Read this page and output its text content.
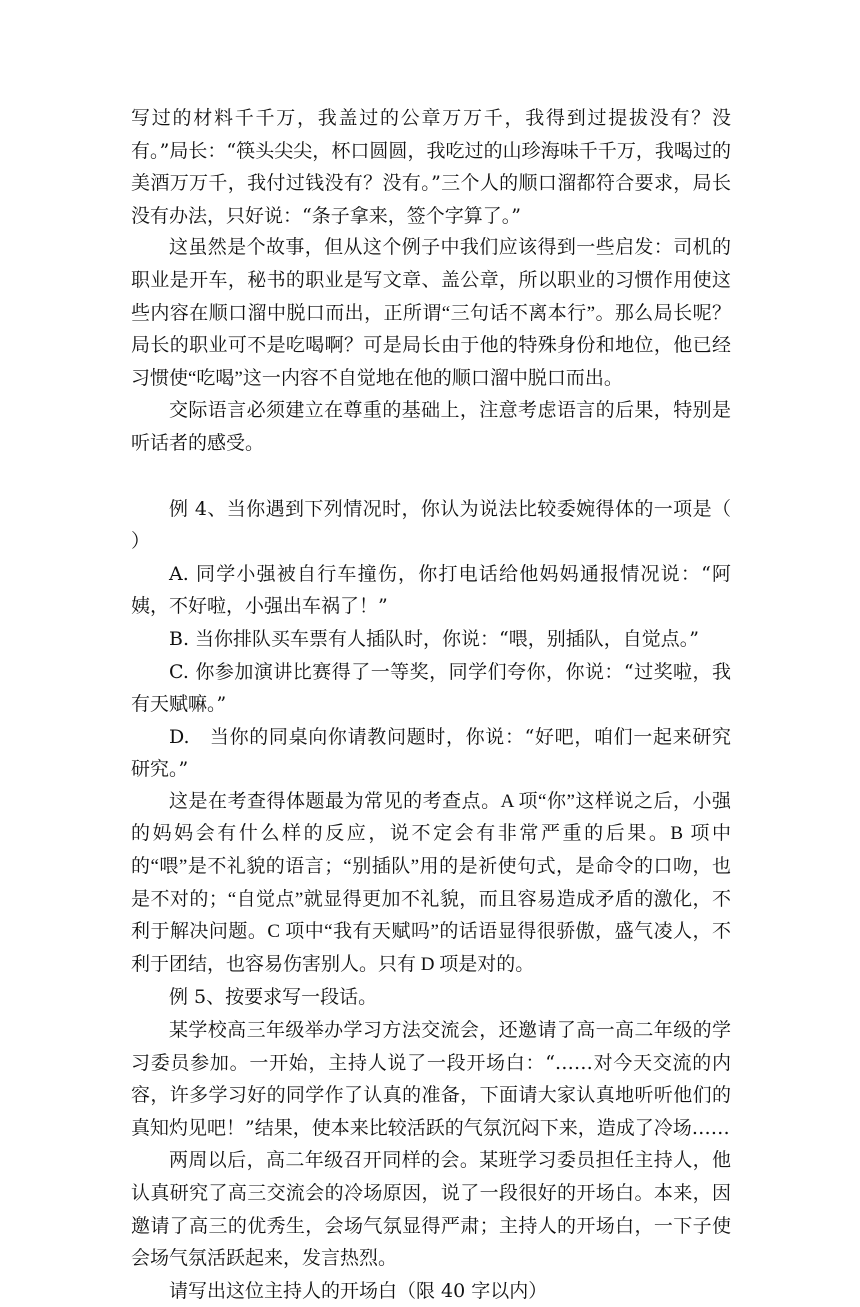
写过的材料千千万，我盖过的公章万万千，我得到过提拔没有？没有。”局长：“筷头尖尖，杯口圆圆，我吃过的山珍海味千千万，我喝过的美酒万万千，我付过钱没有？没有。”三个人的顺口溜都符合要求，局长没有办法，只好说：“条子拿来，签个字算了。”

这虽然是个故事，但从这个例子中我们应该得到一些启发：司机的职业是开车，秘书的职业是写文章、盖公章，所以职业的习惯作用使这些内容在顺口溜中脱口而出，正所谓“三句话不离本行”。那么局长呢？局长的职业可不是吃喝啊？可是局长由于他的特殊身份和地位，他已经习惯使“吃喝”这一内容不自觉地在他的顺口溜中脱口而出。

交际语言必须建立在尊重的基础上，注意考虑语言的后果，特别是听话者的感受。

例 4、当你遇到下列情况时，你认为说法比较委婉得体的一项是（　　）

A. 同学小强被自行车撞伤，你打电话给他妈妈通报情况说：“阿姨，不好啦，小强出车祸了！”

B. 当你排队买车票有人插队时，你说：“喂，别插队，自觉点。”

C. 你参加演讲比赛得了一等奖，同学们夸你，你说：“过奖啦，我有天赋嘛。”

D.　当你的同桌向你请教问题时，你说：“好吧，咱们一起来研究研究。”

这是在考查得体题最为常见的考查点。A 项“你”这样说之后，小强的妈妈会有什么样的反应，说不定会有非常严重的后果。B 项中的“喂”是不礼貌的语言；“别插队”用的是祈使句式，是命令的口吻，也是不对的；“自觉点”就显得更加不礼貌，而且容易造成矛盾的激化，不利于解决问题。C 项中“我有天赋吗”的话语显得很骄傲，盛气凌人，不利于团结，也容易伤害别人。只有 D 项是对的。

例 5、按要求写一段话。

某学校高三年级举办学习方法交流会，还邀请了高一高二年级的学习委员参加。一开始，主持人说了一段开场白：“……对今天交流的内容，许多学习好的同学作了认真的准备，下面请大家认真地听听他们的真知灼见吧！”结果，使本来比较活跃的气氛沉闷下来，造成了冷场……

两周以后，高二年级召开同样的会。某班学习委员担任主持人，他认真研究了高三交流会的冷场原因，说了一段很好的开场白。本来，因邀请了高三的优秀生，会场气氛显得严肃；主持人的开场白，一下子使会场气氛活跃起来，发言热烈。

请写出这位主持人的开场白（限 40 字以内）
